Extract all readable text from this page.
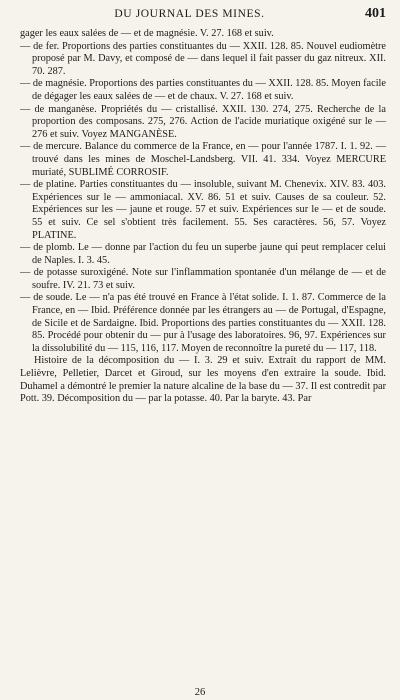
DU JOURNAL DES MINES.	401

gager les eaux salées de — et de magnésie. V. 27. 168 et suiv.

— de fer. Proportions des parties constituantes du — XXII. 128. 85. Nouvel eudiomètre proposé par M. Davy, et composé de — dans lequel il fait passer du gaz nitreux. XII. 70. 287.

— de magnésie. Proportions des parties constituantes du — XXII. 128. 85. Moyen facile de dégager les eaux salées de — et de chaux. V. 27. 168 et suiv.

— de manganèse. Propriétés du — cristallisé. XXII. 130. 274, 275. Recherche de la proportion des composans. 275, 276. Action de l'acide muriatique oxigéné sur le — 276 et suiv. Voyez MANGANÈSE.

— de mercure. Balance du commerce de la France, en — pour l'année 1787. I. 1. 92. — trouvé dans les mines de Moschel-Landsberg. VII. 41. 334. Voyez MERCURE muriaté, SUBLIMÉ CORROSIF.

— de platine. Parties constituantes du — insoluble, suivant M. Chenevix. XIV. 83. 403. Expériences sur le — ammoniacal. XV. 86. 51 et suiv. Causes de sa couleur. 52. Expériences sur les — jaune et rouge. 57 et suiv. Expériences sur le — et de soude. 55 et suiv. Ce sel s'obtient très facilement. 55. Ses caractères. 56, 57. Voyez PLATINE.

— de plomb. Le — donne par l'action du feu un superbe jaune qui peut remplacer celui de Naples. I. 3. 45.

— de potasse suroxigéné. Note sur l'inflammation spontanée d'un mélange de — et de soufre. IV. 21. 73 et suiv.

— de soude. Le — n'a pas été trouvé en France à l'état solide. I. 1. 87. Commerce de la France, en — Ibid. Préférence donnée par les étrangers au — de Portugal, d'Espagne, de Sicile et de Sardaigne. Ibid. Proportions des parties constituantes du — XXII. 128. 85. Procédé pour obtenir du — pur à l'usage des laboratoires. 96, 97. Expériences sur la dissolubilité du — 115, 116, 117. Moyen de reconnoître la pureté du — 117, 118.

Histoire de la décomposition du — I. 3. 29 et suiv. Extrait du rapport de MM. Lelièvre, Pelletier, Darcet et Giroud, sur les moyens d'en extraire la soude. Ibid. Duhamel a démontré le premier la nature alcaline de la base du — 37. Il est contredit par Pott. 39. Décomposition du — par la potasse. 40. Par la baryte. 43. Par

26
